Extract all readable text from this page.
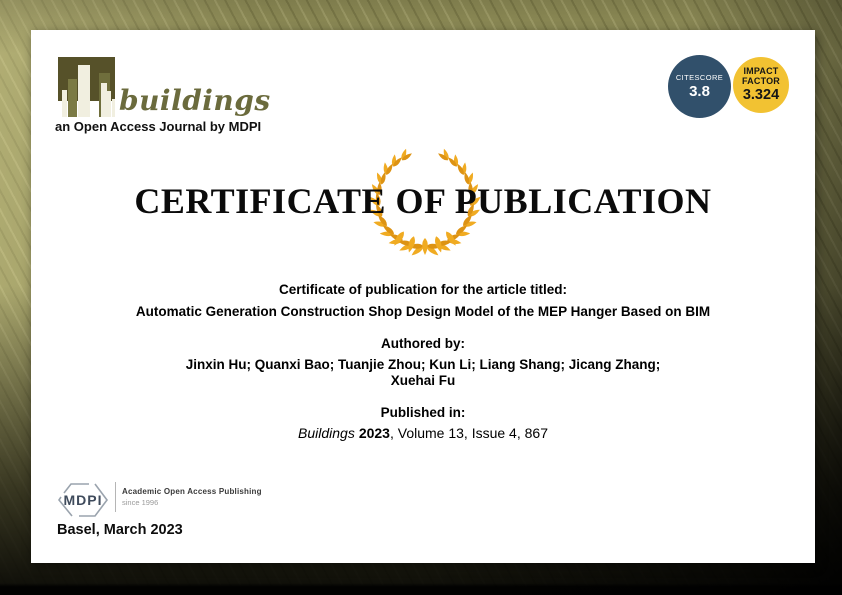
buildings
an Open Access Journal by MDPI
CITESCORE
3.8
IMPACT
FACTOR
3.324
CERTIFICATE OF PUBLICATION
Certificate of publication for the article titled:
Automatic Generation Construction Shop Design Model of the MEP Hanger Based on BIM
Authored by:
Jinxin Hu; Quanxi Bao; Tuanjie Zhou; Kun Li; Liang Shang; Jicang Zhang;
Xuehai Fu
Published in:
Buildings 2023, Volume 13, Issue 4, 867
MDPI
Academic Open Access Publishing
since 1996
Basel, March 2023
